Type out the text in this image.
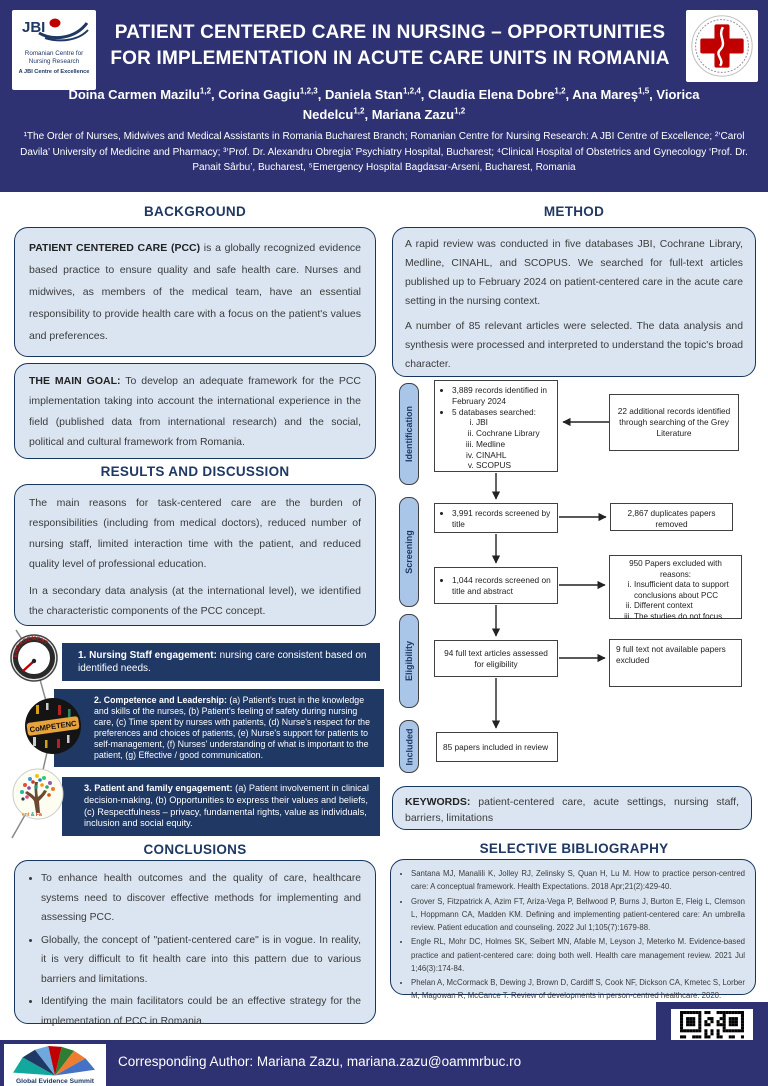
JBI
Romanian Centre for Nursing Research
A JBI Centre of Excellence
PATIENT CENTERED CARE IN NURSING – OPPORTUNITIES
FOR IMPLEMENTATION IN ACUTE CARE UNITS IN ROMANIA
Doina Carmen Mazilu$^{1,2}$, Corina Gagiu$^{1,2,3}$, Daniela Stan$^{1,2,4}$, Claudia Elena Dobre$^{1,2}$, Ana Mareș$^{1,5}$, Viorica Nedelcu$^{1,2}$, Mariana Zazu$^{1,2}$
¹The Order of Nurses, Midwives and Medical Assistants in Romania Bucharest Branch; Romanian Centre for Nursing Research: A JBI Centre of Excellence; ²‘Carol Davila’ University of Medicine and Pharmacy; ³‘Prof. Dr. Alexandru Obregia’ Psychiatry Hospital, Bucharest; ⁴Clinical Hospital of Obstetrics and Gynecology ‘Prof. Dr. Panait Sârbu’, Bucharest, ⁵Emergency Hospital Bagdasar-Arseni, Bucharest, Romania
BACKGROUND
PATIENT CENTERED CARE (PCC) is a globally recognized evidence based practice to ensure quality and safe health care. Nurses and midwives, as members of the medical team, have an essential responsibility to provide health care with a focus on the patient's values and preferences.
THE MAIN GOAL: To develop an adequate framework for the PCC implementation taking into account the international experience in the field (published data from international research) and the social, political and cultural framework from Romania.
RESULTS AND DISCUSSION

The main reasons for task-centered care are the burden of responsibilities (including from medical doctors), reduced number of nursing staff, limited interaction time with the patient, and reduced quality level of professional education.

In a secondary data analysis (at the international level), we identified the characteristic components of the PCC concept.

1. Nursing Staff engagement: nursing care consistent based on identified needs.
2. Competence and Leadership: (a) Patient's trust in the knowledge and skills of the nurses, (b) Patient's feeling of safety during nursing care, (c) Time spent by nurses with patients, (d) Nurse's respect for the preferences and choices of patients, (e) Nurse's support for patients to self-management, (f) Nurses' understanding of what is important to the patient, (g) Effective / good communication.
3. Patient and family engagement: (a) Patient involvement in clinical decision-making, (b) Opportunities to express their values and beliefs, (c) Respectfulness – privacy, fundamental rights, value as individuals, inclusion and social equity.
ENGAGEMENT
CoMPETENC
ent & Fa
CONCLUSIONS
• To enhance health outcomes and the quality of care, healthcare systems need to discover effective methods for implementing and assessing PCC.
• Globally, the concept of "patient-centered care" is in vogue. In reality, it is very difficult to fit health care into this pattern due to various barriers and limitations.
• Identifying the main facilitators could be an effective strategy for the implementation of PCC in Romania.
METHOD

A rapid review was conducted in five databases JBI, Cochrane Library, Medline, CINAHL, and SCOPUS. We searched for full-text articles published up to February 2024 on patient-centered care in the acute care setting in the nursing context.

A number of 85 relevant articles were selected. The data analysis and synthesis were processed and interpreted to understand the topic's broad character.

Identification
Screening
Eligibility
Included
• 3,889 records identified in February 2024
• 5 databases searched:
i. JBI
ii. Cochrane Library
iii. Medline
iv. CINAHL
v. SCOPUS
22 additional records identified through searching of the Grey Literature
• 3,991 records screened by title
2,867 duplicates papers removed
• 1,044 records screened on title and abstract
950 Papers excluded with reasons:
i. Insufficient data to support conclusions about PCC
ii. Different context
iii. The studies do not focus
94 full text articles assessed for eligibility
9 full text not available papers excluded
85 papers included in review
KEYWORDS: patient-centered care, acute settings, nursing staff, barriers, limitations
SELECTIVE BIBLIOGRAPHY
• Santana MJ, Manalili K, Jolley RJ, Zelinsky S, Quan H, Lu M. How to practice person-centred care: A conceptual framework. Health Expectations. 2018 Apr;21(2):429-40.
• Grover S, Fitzpatrick A, Azim FT, Ariza-Vega P, Bellwood P, Burns J, Burton E, Fleig L, Clemson L, Hoppmann CA, Madden KM. Defining and implementing patient-centered care: An umbrella review. Patient education and counseling. 2022 Jul 1;105(7):1679-88.
• Engle RL, Mohr DC, Holmes SK, Seibert MN, Afable M, Leyson J, Meterko M. Evidence-based practice and patient-centered care: doing both well. Health care management review. 2021 Jul 1;46(3):174-84.
• Phelan A, McCormack B, Dewing J, Brown D, Cardiff S, Cook NF, Dickson CA, Kmetec S, Lorber M, Magowan R, McCance T. Review of developments in person-centred healthcare. 2020.
Global Evidence Summit
Corresponding Author: Mariana Zazu, mariana.zazu@oammrbuc.ro
